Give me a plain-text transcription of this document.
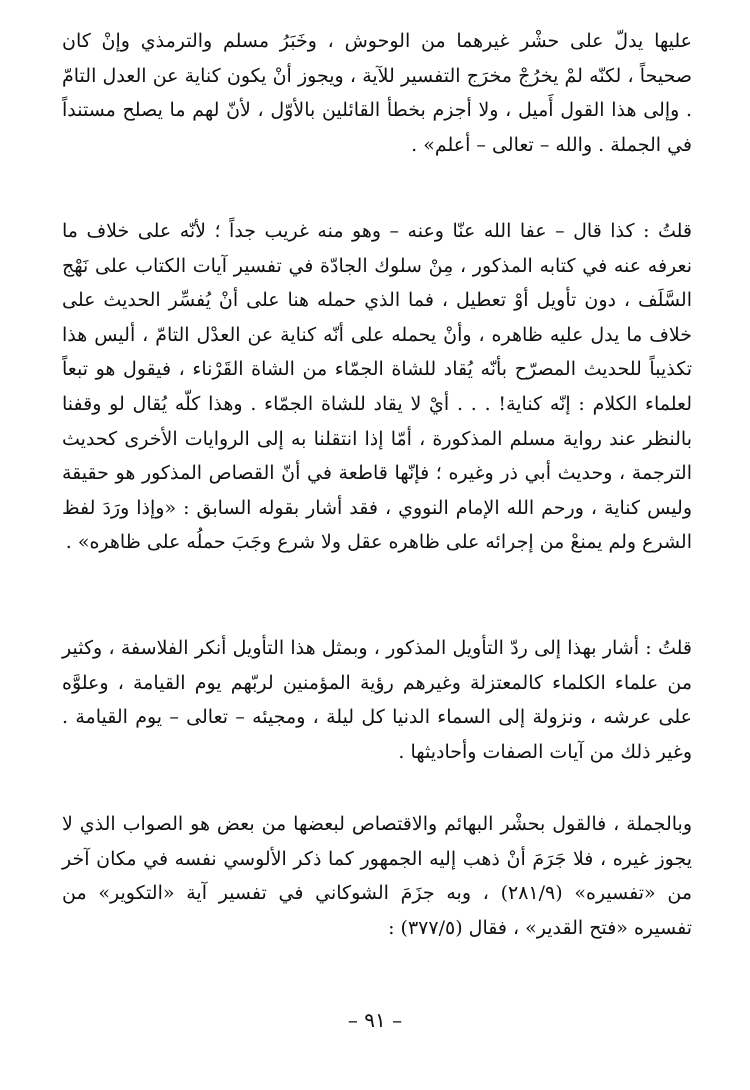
عليها يدلّ على حشْر غيرهما من الوحوش ، وخَبَرُ مسلم والترمذي وإنْ كان صحيحاً ، لكنّه لمْ يخرُجْ مخرَج التفسير للآية ، ويجوز أنْ يكون كناية عن العدل التامّ . وإلى هذا القول أَميل ، ولا أجزم بخطأ القائلين بالأوّل ، لأنّ لهم ما يصلح مستنداً في الجملة . والله – تعالى – أعلم» .

قلتُ : كذا قال – عفا الله عنّا وعنه – وهو منه غريب جداً ؛ لأنّه على خلاف ما نعرفه عنه في كتابه المذكور ، مِنْ سلوك الجادّة في تفسير آيات الكتاب على نَهْج السَّلَف ، دون تأويل أوْ تعطيل ، فما الذي حمله هنا على أنْ يُفسِّر الحديث على خلاف ما يدل عليه ظاهره ، وأنْ يحمله على أنّه كناية عن العدْل التامّ ، أليس هذا تكذيباً للحديث المصرّح بأنّه يُقاد للشاة الجمّاء من الشاة القَرْناء ، فيقول هو تبعاً لعلماء الكلام : إنّه كناية! . . . أيْ لا يقاد للشاة الجمّاء . وهذا كلّه يُقال لو وقفنا بالنظر عند رواية مسلم المذكورة ، أمّا إذا انتقلنا به إلى الروايات الأخرى كحديث الترجمة ، وحديث أبي ذر وغيره ؛ فإنّها قاطعة في أنّ القصاص المذكور هو حقيقة وليس كناية ، ورحم الله الإمام النووي ، فقد أشار بقوله السابق : «وإذا ورَدَ لفظ الشرع ولم يمنعْ من إجرائه على ظاهره عقل ولا شرع وجَبَ حملُه على ظاهره» .

قلتُ : أشار بهذا إلى ردّ التأويل المذكور ، وبمثل هذا التأويل أنكر الفلاسفة ، وكثير من علماء الكلماء كالمعتزلة وغيرهم رؤية المؤمنين لربّهم يوم القيامة ، وعلوَّه على عرشه ، ونزولة إلى السماء الدنيا كل ليلة ، ومجيئه – تعالى – يوم القيامة . وغير ذلك من آيات الصفات وأحاديثها .

وبالجملة ، فالقول بحشْر البهائم والاقتصاص لبعضها من بعض هو الصواب الذي لا يجوز غيره ، فلا جَرَمَ أنْ ذهب إليه الجمهور كما ذكر الألوسي نفسه في مكان آخر من «تفسيره» (٢٨١/٩) ، وبه جزَمَ الشوكاني في تفسير آية «التكوير» من تفسيره «فتح القدير» ، فقال (٣٧٧/٥) :

– ٩١ –
